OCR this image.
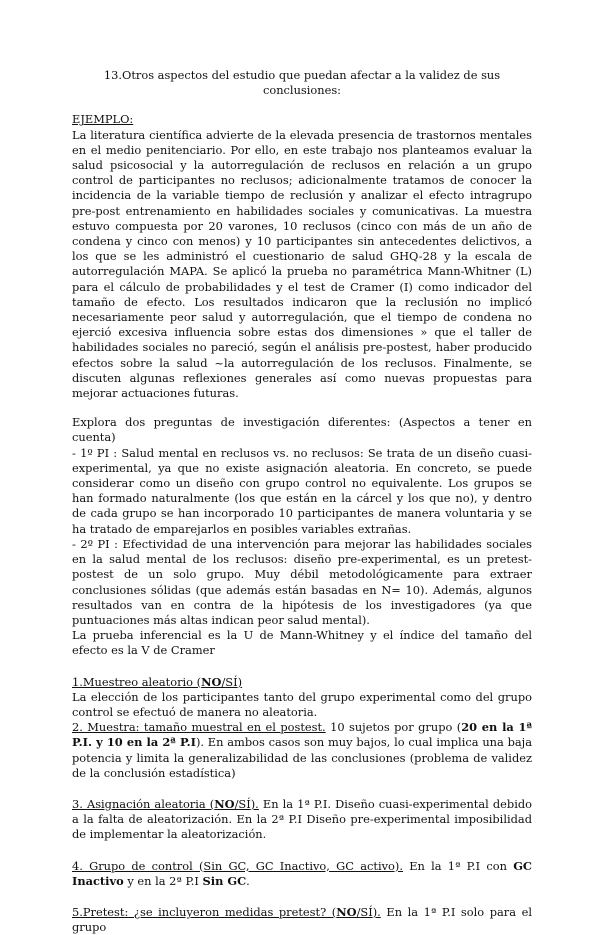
13.Otros aspectos del estudio que puedan afectar a la validez de sus conclusiones:
EJEMPLO:

La literatura científica advierte de la elevada presencia de trastornos mentales en el medio penitenciario. Por ello, en este trabajo nos planteamos evaluar la salud psicosocial y la autorregulación de reclusos en relación a un grupo control de participantes no reclusos; adicionalmente tratamos de conocer la incidencia de la variable tiempo de reclusión y analizar el efecto intragrupo pre-post entrenamiento en habilidades sociales y comunicativas. La muestra estuvo compuesta por 20 varones, 10 reclusos (cinco con más de un año de condena y cinco con menos) y 10 participantes sin antecedentes delictivos, a los que se les administró el cuestionario de salud GHQ-28 y la escala de autorregulación MAPA. Se aplicó la prueba no paramétrica Mann-Whitner (L) para el cálculo de probabilidades y el test de Cramer (I) como indicador del tamaño de efecto. Los resultados indicaron que la reclusión no implicó necesariamente peor salud y autorregulación, que el tiempo de condena no ejerció excesiva influencia sobre estas dos dimensiones » que el taller de habilidades sociales no pareció, según el análisis pre-postest, haber producido efectos sobre la salud ~la autorregulación de los reclusos. Finalmente, se discuten algunas reflexiones generales así como nuevas propuestas para mejorar actuaciones futuras.

Explora dos preguntas de investigación diferentes: (Aspectos a tener en cuenta)

- 1º PI : Salud mental en reclusos vs. no reclusos: Se trata de un diseño cuasi-experimental, ya que no existe asignación aleatoria. En concreto, se puede considerar como un diseño con grupo control no equivalente. Los grupos se han formado naturalmente (los que están en la cárcel y los que no), y dentro de cada grupo se han incorporado 10 participantes de manera voluntaria y se ha tratado de emparejarlos en posibles variables extrañas.

- 2º PI : Efectividad de una intervención para mejorar las habilidades sociales en la salud mental de los reclusos: diseño pre-experimental, es un pretest-postest de un solo grupo. Muy débil metodológicamente para extraer conclusiones sólidas (que además están basadas en N= 10). Además, algunos resultados van en contra de la hipótesis de los investigadores (ya que puntuaciones más altas indican peor salud mental).

La prueba inferencial es la U de Mann-Whitney y el índice del tamaño del efecto es la V de Cramer

1.Muestreo aleatorio (NO/SÍ)

La elección de los participantes tanto del grupo experimental como del grupo control se efectuó de manera no aleatoria.

2. Muestra: tamaño muestral en el postest. 10 sujetos por grupo (20 en la 1ª P.I. y 10 en la 2ª P.I). En ambos casos son muy bajos, lo cual implica una baja potencia y limita la generalizabilidad de las conclusiones (problema de validez de la conclusión estadística)

3. Asignación aleatoria (NO/SÍ). En la 1ª P.I. Diseño cuasi-experimental debido a la falta de aleatorización. En la 2ª P.I Diseño pre-experimental imposibilidad de implementar la aleatorización.

4. Grupo de control (Sin GC, GC Inactivo, GC activo). En la 1ª P.I con GC Inactivo y en la 2ª P.I Sin GC.

5.Pretest: ¿se incluyeron medidas pretest? (NO/SÍ). En la 1ª P.I solo para el grupo
